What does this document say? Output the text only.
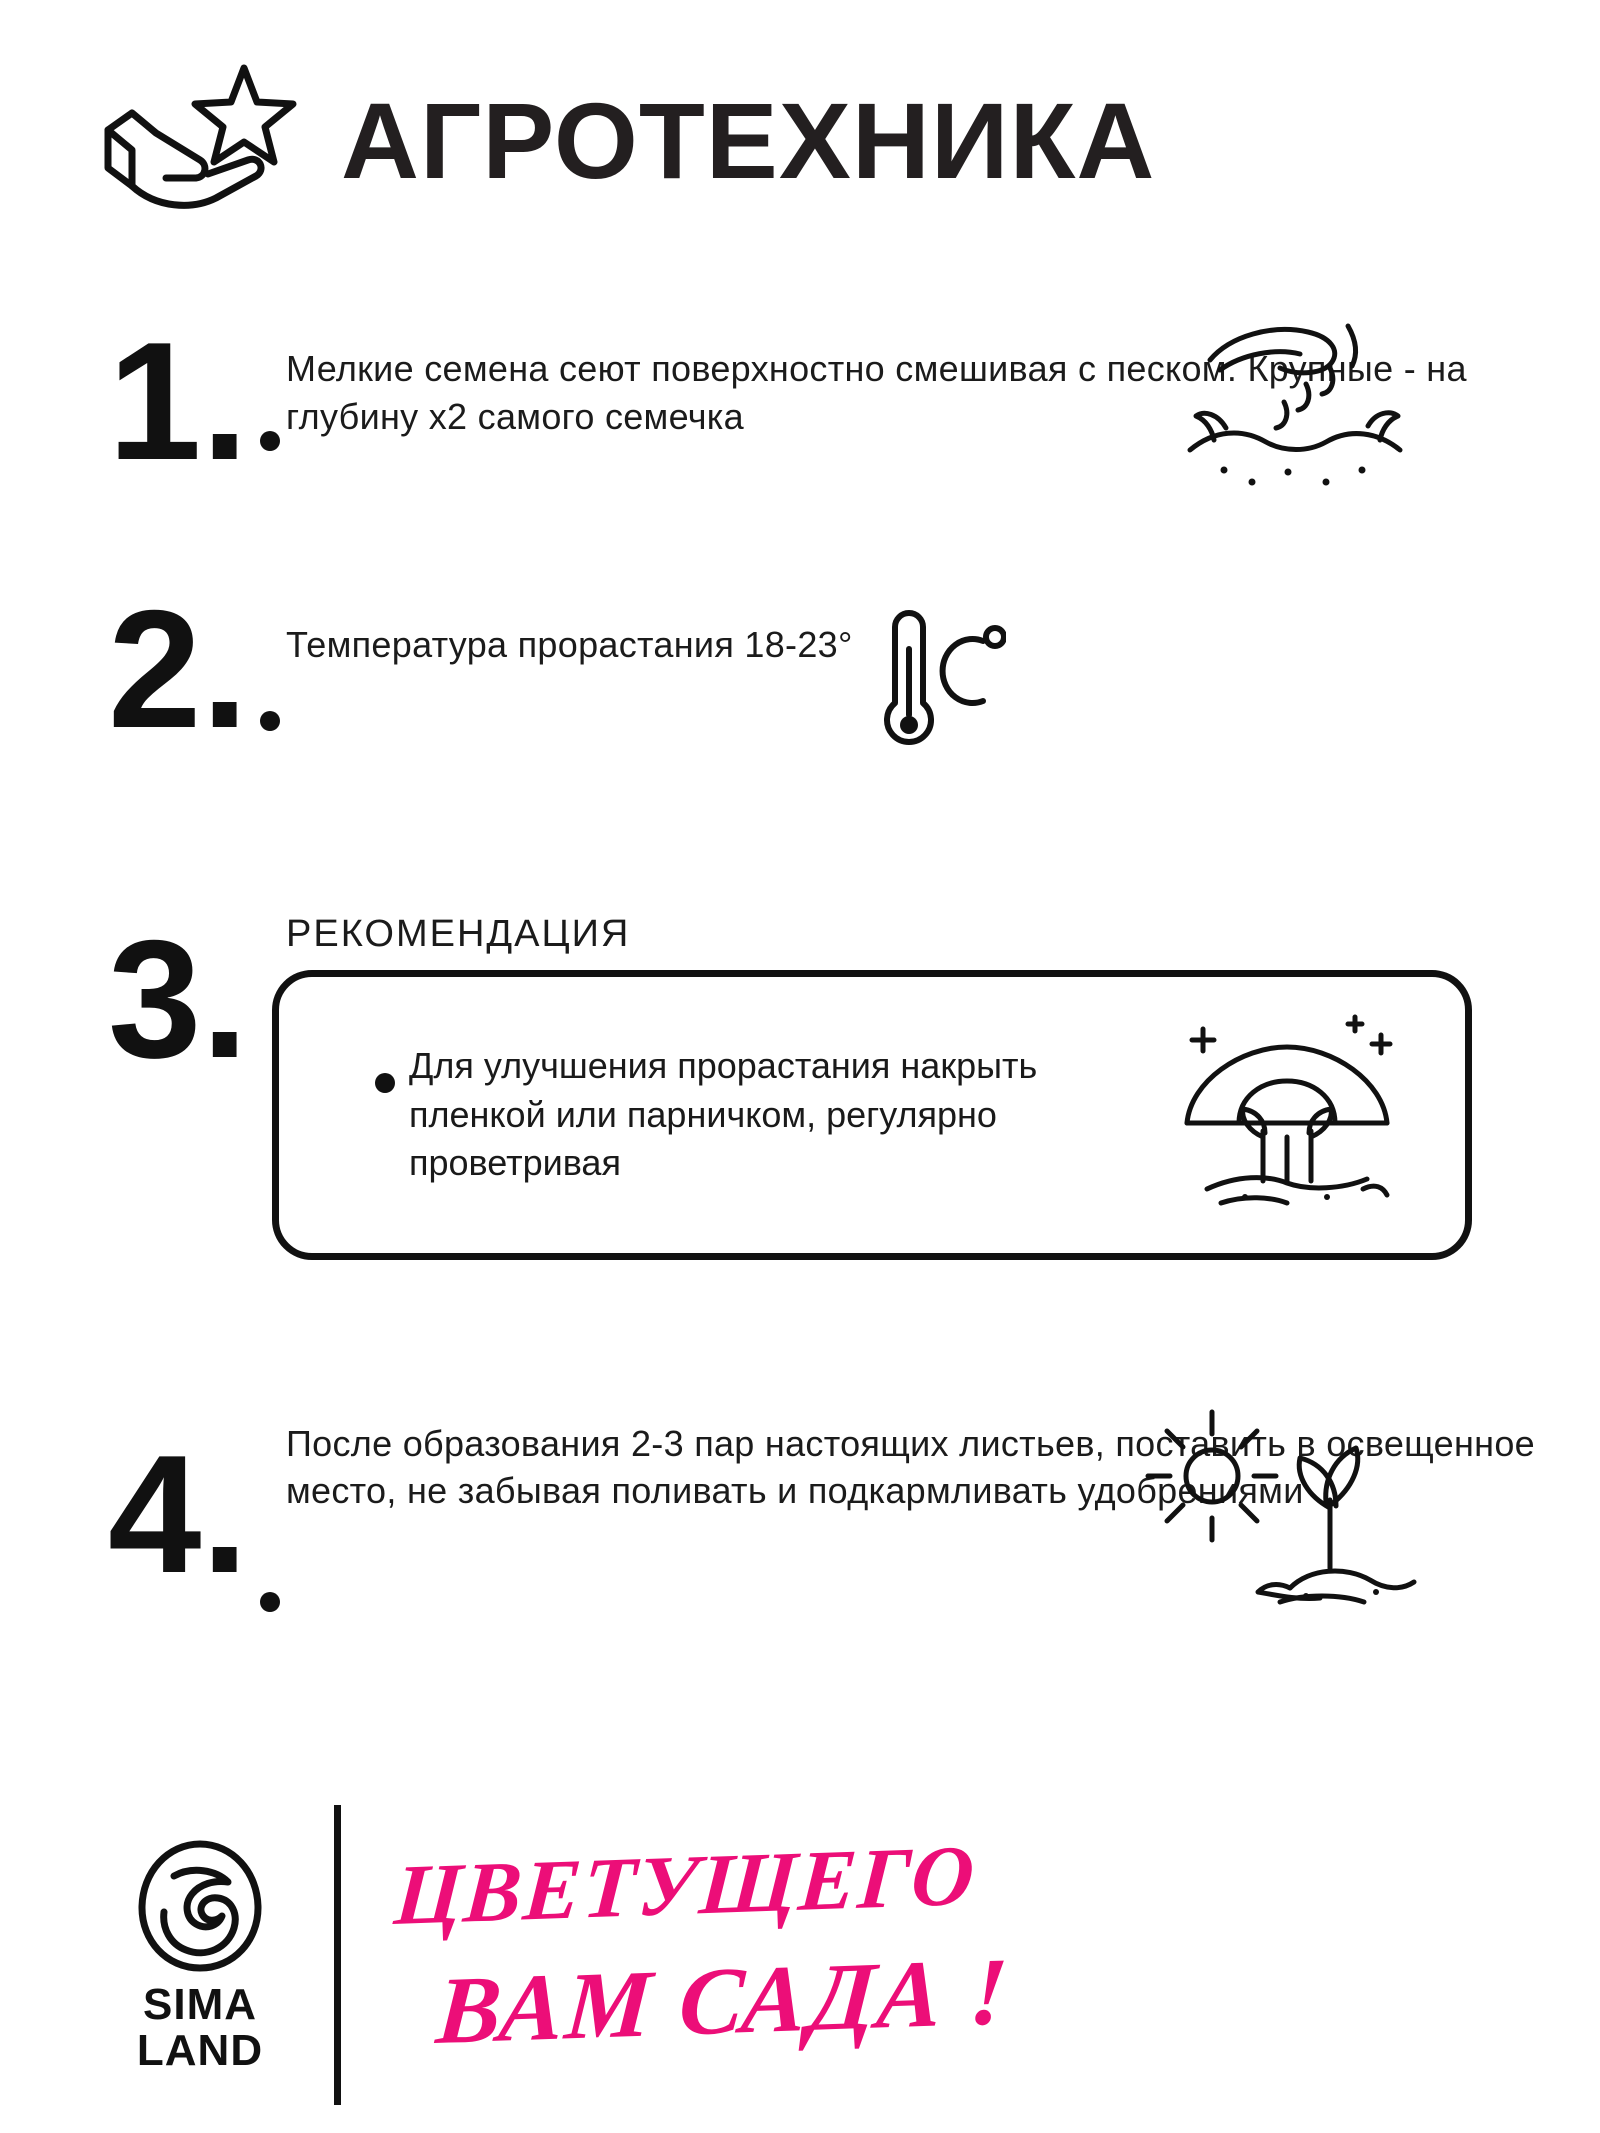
АГРОТЕХНИКА
1. Мелкие семена сеют поверхностно смешивая с песком. Крупные - на глубину х2 самого семечка
2. Температура прорастания 18-23°
3. РЕКОМЕНДАЦИЯ
Для улучшения прорастания накрыть пленкой или парничком, регулярно проветривая
4. После образования 2-3 пар настоящих листьев, поставить в освещенное место, не забывая поливать и подкармливать удобрениями
SIMA
LAND
ЦВЕТУЩЕГО
ВАМ САДА !
